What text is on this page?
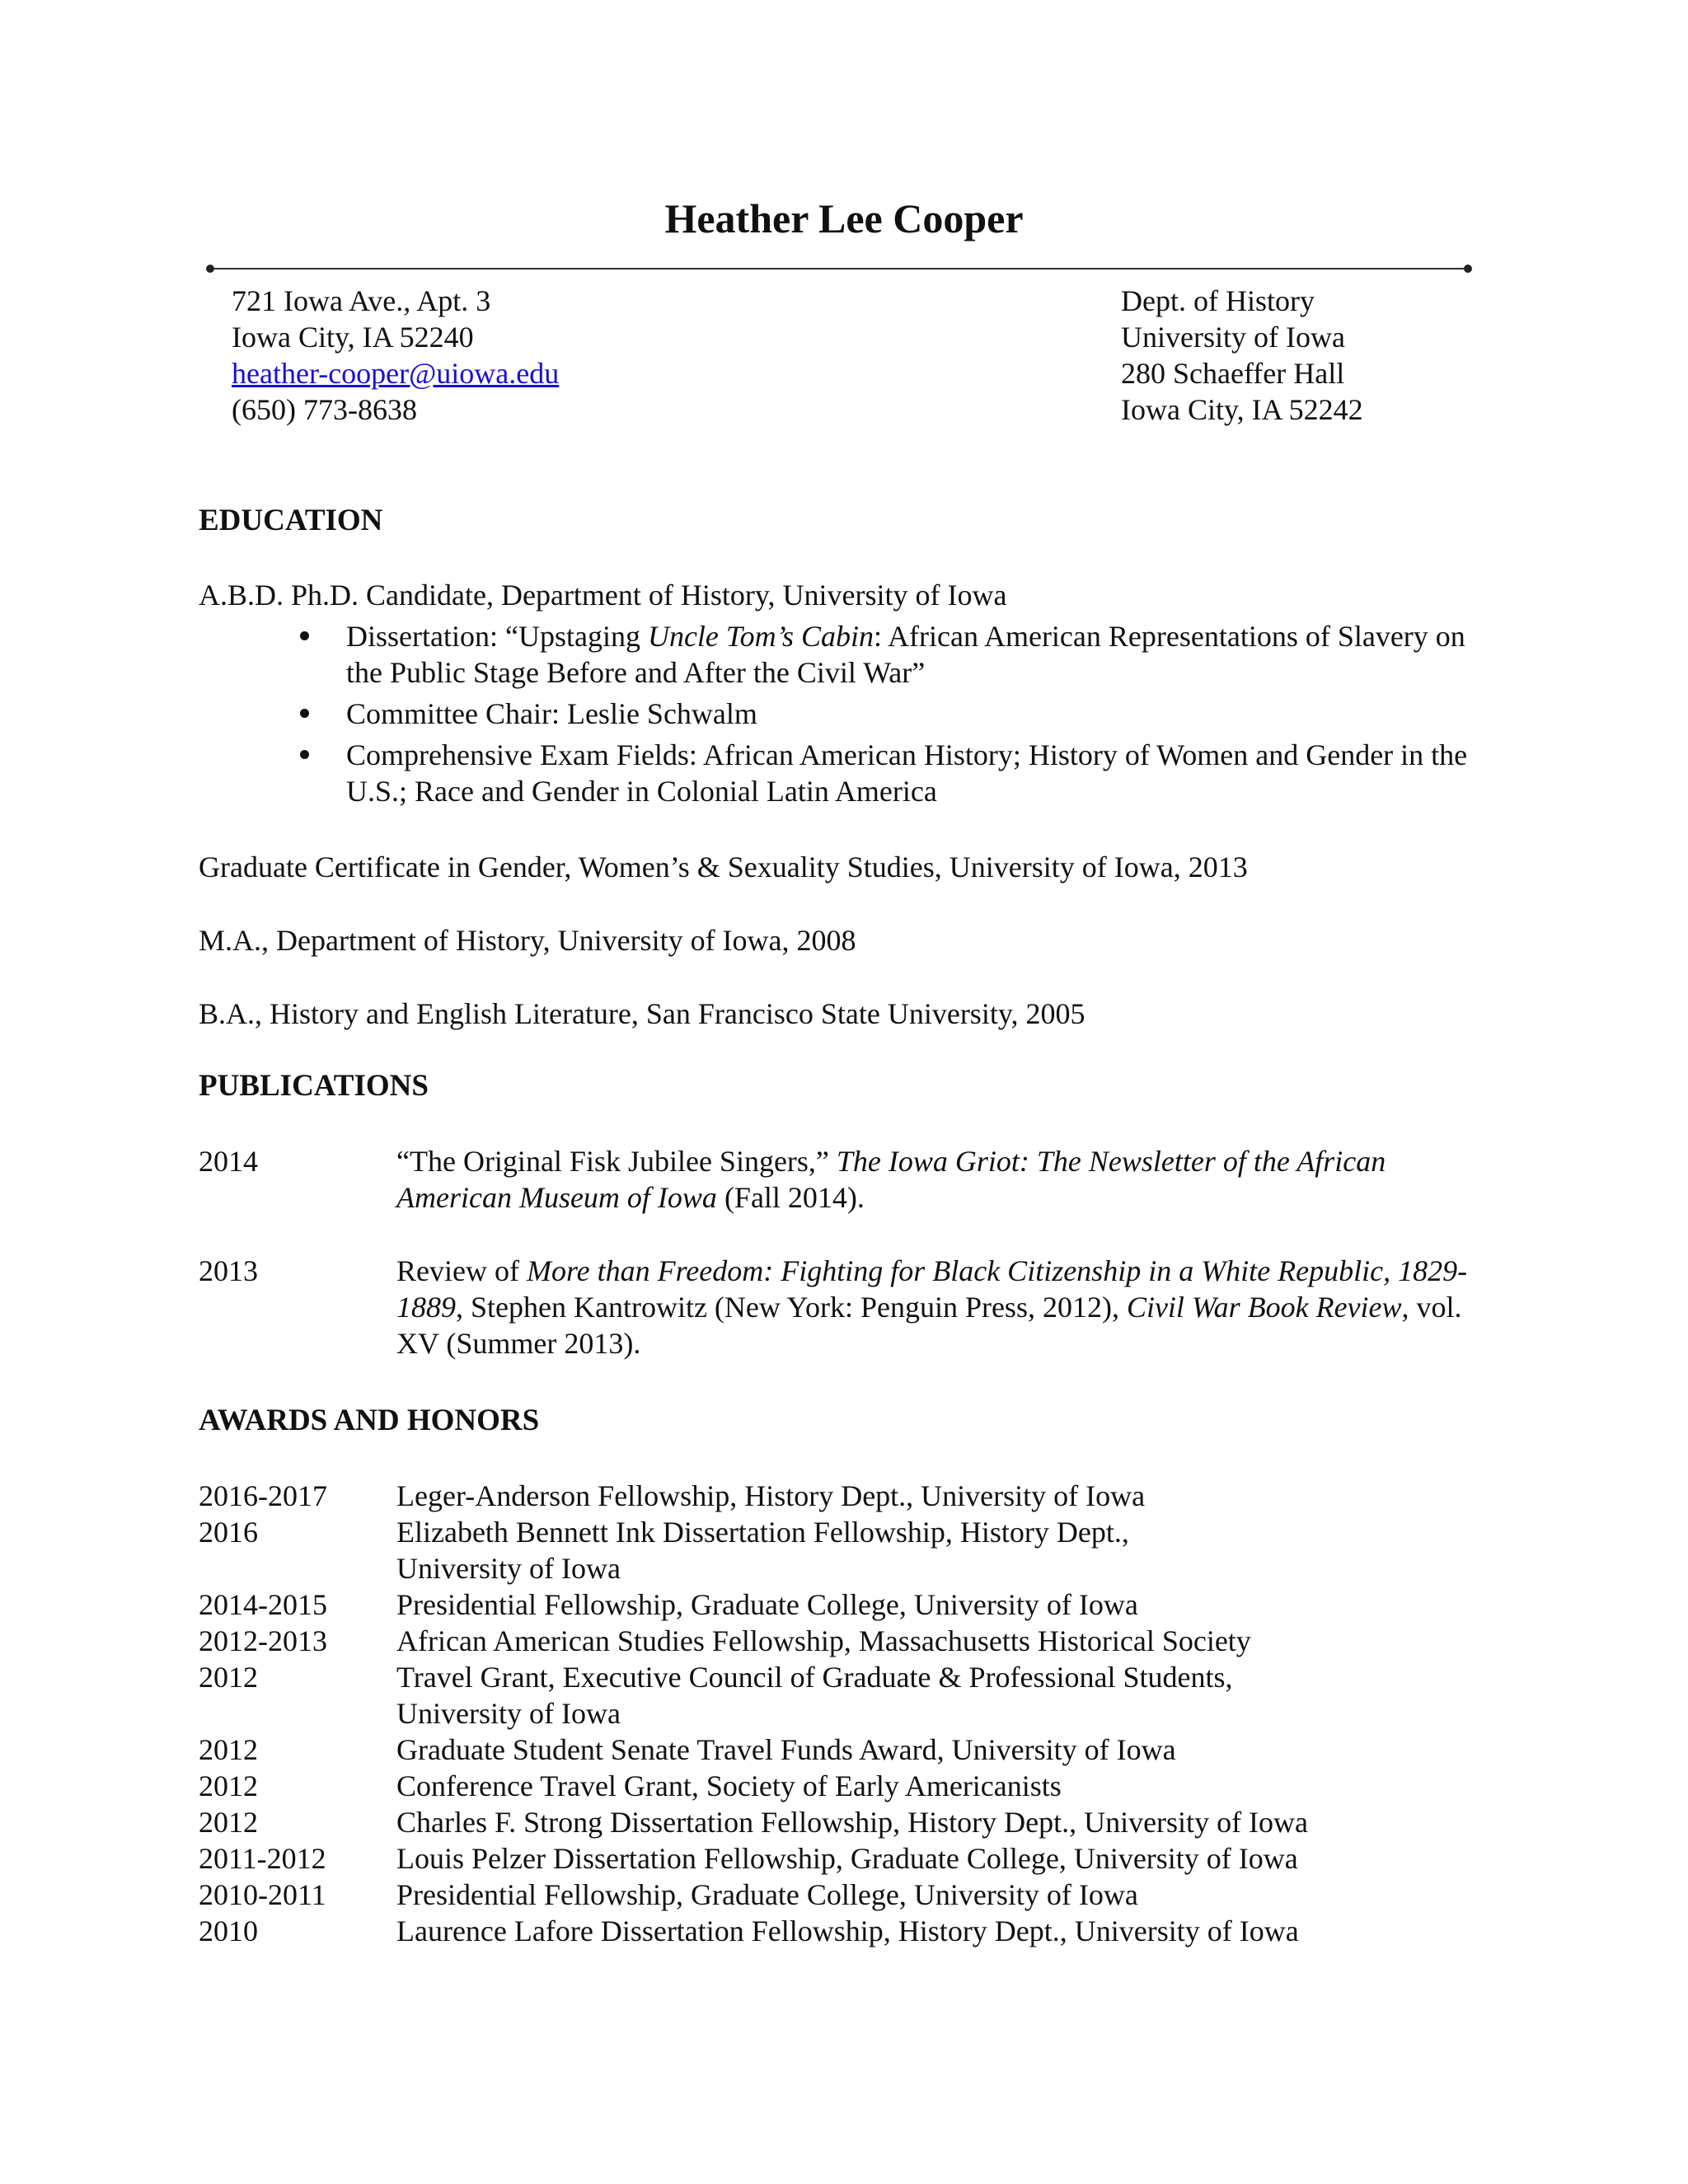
Heather Lee Cooper
721 Iowa Ave., Apt. 3
Iowa City, IA 52240
heather-cooper@uiowa.edu
(650) 773-8638
Dept. of History
University of Iowa
280 Schaeffer Hall
Iowa City, IA 52242
EDUCATION
A.B.D. Ph.D. Candidate, Department of History, University of Iowa
Dissertation: “Upstaging Uncle Tom’s Cabin: African American Representations of Slavery on the Public Stage Before and After the Civil War”
Committee Chair: Leslie Schwalm
Comprehensive Exam Fields: African American History; History of Women and Gender in the U.S.; Race and Gender in Colonial Latin America
Graduate Certificate in Gender, Women’s & Sexuality Studies, University of Iowa, 2013
M.A., Department of History, University of Iowa, 2008
B.A., History and English Literature, San Francisco State University, 2005
PUBLICATIONS
2014	“The Original Fisk Jubilee Singers,” The Iowa Griot: The Newsletter of the African American Museum of Iowa (Fall 2014).
2013	Review of More than Freedom: Fighting for Black Citizenship in a White Republic, 1829-1889, Stephen Kantrowitz (New York: Penguin Press, 2012), Civil War Book Review, vol. XV (Summer 2013).
AWARDS AND HONORS
2016-2017 Leger-Anderson Fellowship, History Dept., University of Iowa
2016	Elizabeth Bennett Ink Dissertation Fellowship, History Dept.,
University of Iowa
2014-2015 Presidential Fellowship, Graduate College, University of Iowa
2012-2013 African American Studies Fellowship, Massachusetts Historical Society
2012	Travel Grant, Executive Council of Graduate & Professional Students,
University of Iowa
2012	Graduate Student Senate Travel Funds Award, University of Iowa
2012	Conference Travel Grant, Society of Early Americanists
2012	Charles F. Strong Dissertation Fellowship, History Dept., University of Iowa
2011-2012 Louis Pelzer Dissertation Fellowship, Graduate College, University of Iowa
2010-2011 Presidential Fellowship, Graduate College, University of Iowa
2010	Laurence Lafore Dissertation Fellowship, History Dept., University of Iowa
